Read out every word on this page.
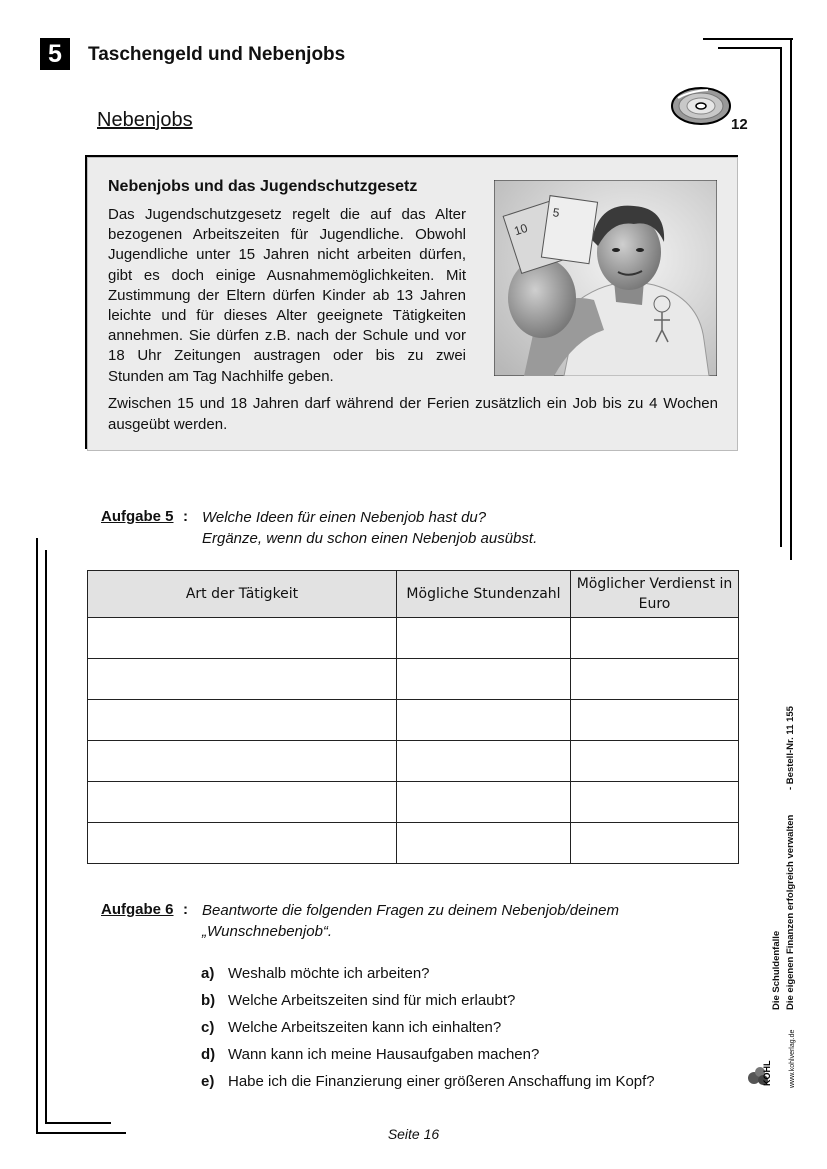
5	Taschengeld und Nebenjobs
Nebenjobs	12
Nebenjobs und das Jugendschutzgesetz
Das Jugendschutzgesetz regelt die auf das Alter bezogenen Arbeitszeiten für Jugendliche. Obwohl Jugendliche unter 15 Jahren nicht arbeiten dürfen, gibt es doch einige Ausnahmemöglichkeiten. Mit Zustimmung der Eltern dürfen Kinder ab 13 Jahren leichte und für dieses Alter geeignete Tätigkeiten annehmen. Sie dürfen z.B. nach der Schule und vor 18 Uhr Zeitungen austragen oder bis zu zwei Stunden am Tag Nachhilfe geben.
Zwischen 15 und 18 Jahren darf während der Ferien zusätzlich ein Job bis zu 4 Wochen ausgeübt werden.
10
5
Aufgabe 5 : Welche Ideen für einen Nebenjob hast du?
Ergänze, wenn du schon einen Nebenjob ausübst.
Art der Tätigkeit	Mögliche Stundenzahl	Möglicher Verdienst in Euro

Aufgabe 6 : Beantworte die folgenden Fragen zu deinem Nebenjob/deinem „Wunschnebenjob“.
a) Weshalb möchte ich arbeiten?
b) Welche Arbeitszeiten sind für mich erlaubt?
c) Welche Arbeitszeiten kann ich einhalten?
d) Wann kann ich meine Hausaufgaben machen?
e) Habe ich die Finanzierung einer größeren Anschaffung im Kopf?
Die Schuldenfalle Die eigenen Finanzen erfolgreich verwalten
- Bestell-Nr. 11 155
www.kohlverlag.de
KOHL
Seite 16
